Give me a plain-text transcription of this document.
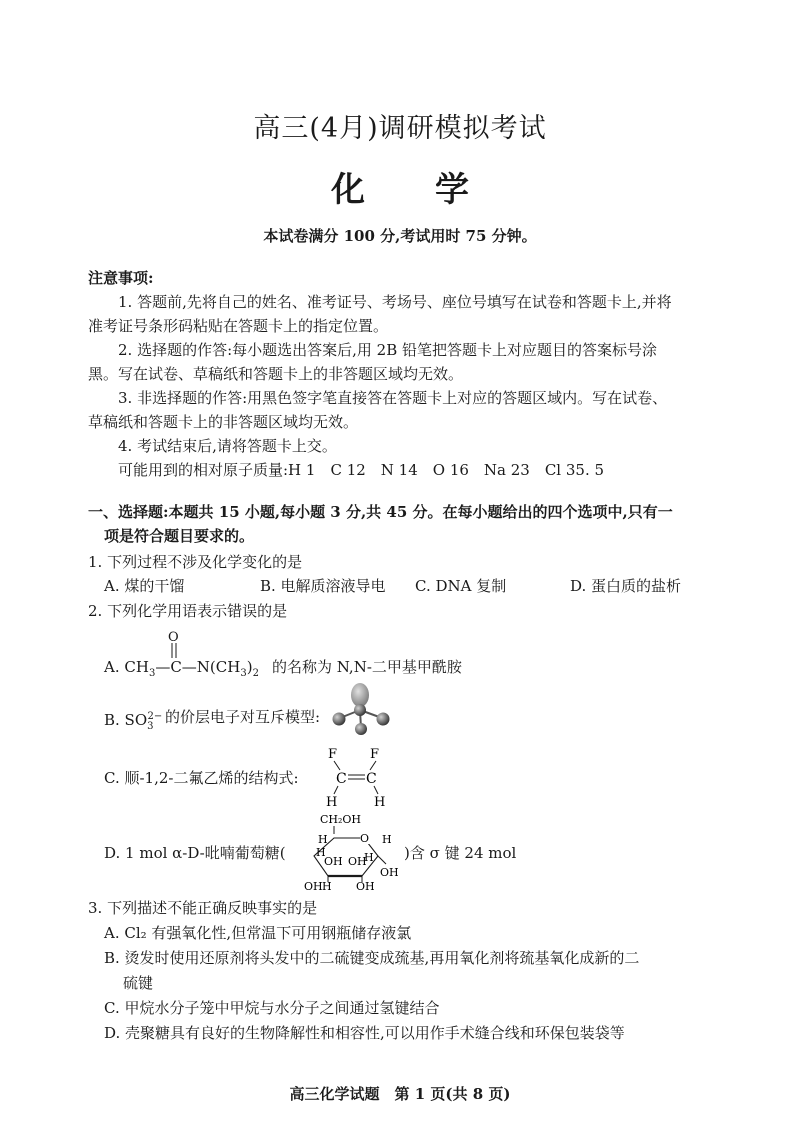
高三(4月)调研模拟考试
化 学
本试卷满分 100 分,考试用时 75 分钟。
注意事项:
1. 答题前,先将自己的姓名、准考证号、考场号、座位号填写在试卷和答题卡上,并将
准考证号条形码粘贴在答题卡上的指定位置。
2. 选择题的作答:每小题选出答案后,用 2B 铅笔把答题卡上对应题目的答案标号涂
黑。写在试卷、草稿纸和答题卡上的非答题区域均无效。
3. 非选择题的作答:用黑色签字笔直接答在答题卡上对应的答题区域内。写在试卷、
草稿纸和答题卡上的非答题区域均无效。
4. 考试结束后,请将答题卡上交。
可能用到的相对原子质量:H 1　C 12　N 14　O 16　Na 23　Cl 35. 5
一、选择题:本题共 15 小题,每小题 3 分,共 45 分。在每小题给出的四个选项中,只有一
项是符合题目要求的。
1. 下列过程不涉及化学变化的是
A. 煤的干馏	B. 电解质溶液导电 C. DNA 复制	D. 蛋白质的盐析
2. 下列化学用语表示错误的是
A. $CH_3—C—N(CH_3)_2$
O
的名称为 N,N-二甲基甲酰胺
B. $SO_3^{2-}$ 的价层电子对互斥模型:
C. 顺-1,2-二氟乙烯的结构式:
F	F
C C
H	H
D. 1 mol α-D-吡喃葡萄糖(
CH₂OH
H	O H
OH
H
OH OH
H
OH H OH
)含 σ 键 24 mol
3. 下列描述不能正确反映事实的是
A. Cl₂ 有强氧化性,但常温下可用钢瓶储存液氯
B. 烫发时使用还原剂将头发中的二硫键变成巯基,再用氧化剂将巯基氧化成新的二
硫键
C. 甲烷水分子笼中甲烷与水分子之间通过氢键结合
D. 壳聚糖具有良好的生物降解性和相容性,可以用作手术缝合线和环保包装袋等
高三化学试题　第 1 页(共 8 页)
